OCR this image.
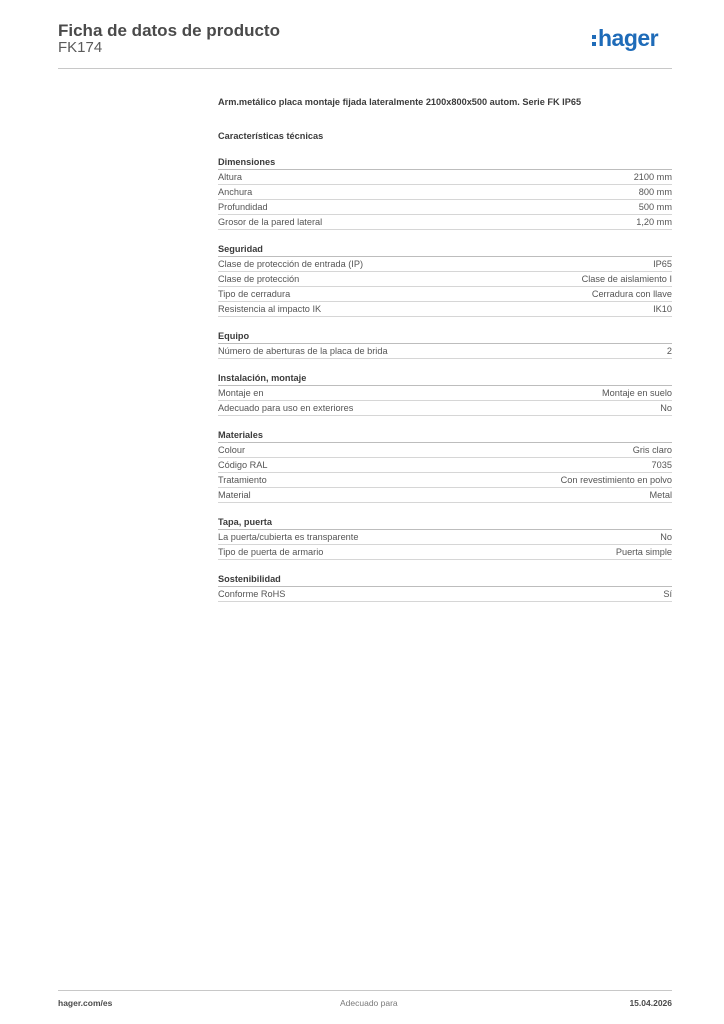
Ficha de datos de producto
FK174	hager
Arm.metálico placa montaje fijada lateralmente 2100x800x500 autom. Serie FK IP65
Características técnicas
Dimensiones
Altura	2100 mm
Anchura	800 mm
Profundidad	500 mm
Grosor de la pared lateral	1,20 mm
Seguridad
Clase de protección de entrada (IP)	IP65
Clase de protección	Clase de aislamiento I
Tipo de cerradura	Cerradura con llave
Resistencia al impacto IK	IK10
Equipo
Número de aberturas de la placa de brida	2
Instalación, montaje
Montaje en	Montaje en suelo
Adecuado para uso en exteriores	No
Materiales
Colour	Gris claro
Código RAL	7035
Tratamiento	Con revestimiento en polvo
Material	Metal
Tapa, puerta
La puerta/cubierta es transparente	No
Tipo de puerta de armario	Puerta simple
Sostenibilidad
Conforme RoHS	Sí
hager.com/es	Adecuado para	15.04.2026
